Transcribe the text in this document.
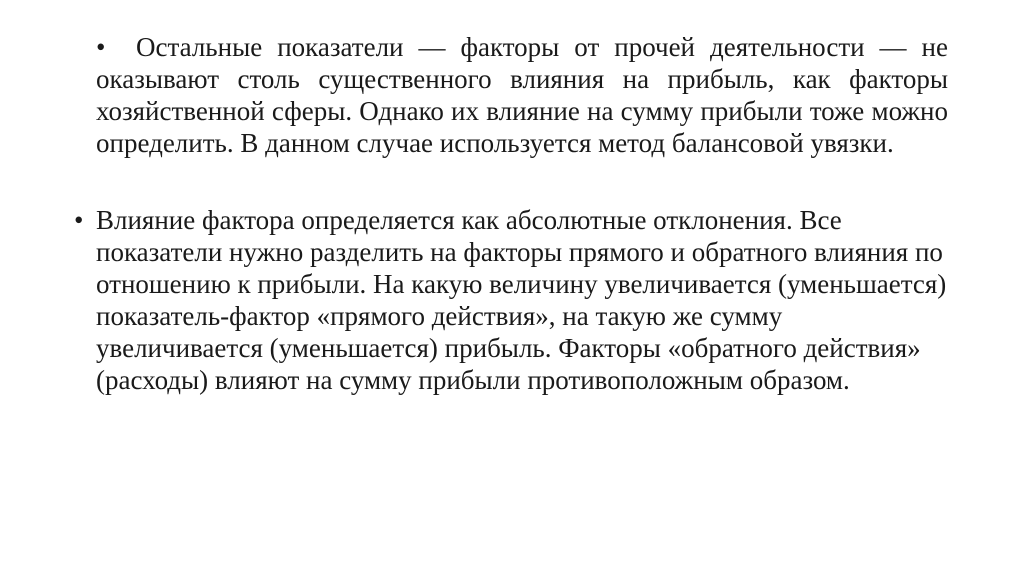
• Остальные показатели — факторы от прочей деятельности — не оказывают столь существенного влияния на прибыль, как факторы хозяйственной сферы. Однако их влияние на сумму прибыли тоже можно определить. В данном случае используется метод балансовой увязки.
• Влияние фактора определяется как абсолютные отклонения. Все показатели нужно разделить на факторы прямого и обратного влияния по отношению к прибыли. На какую величину увеличивается (уменьшается) показатель-фактор «прямого действия», на такую же сумму увеличивается (уменьшается) прибыль. Факторы «обратного действия» (расходы) влияют на сумму прибыли противоположным образом.
